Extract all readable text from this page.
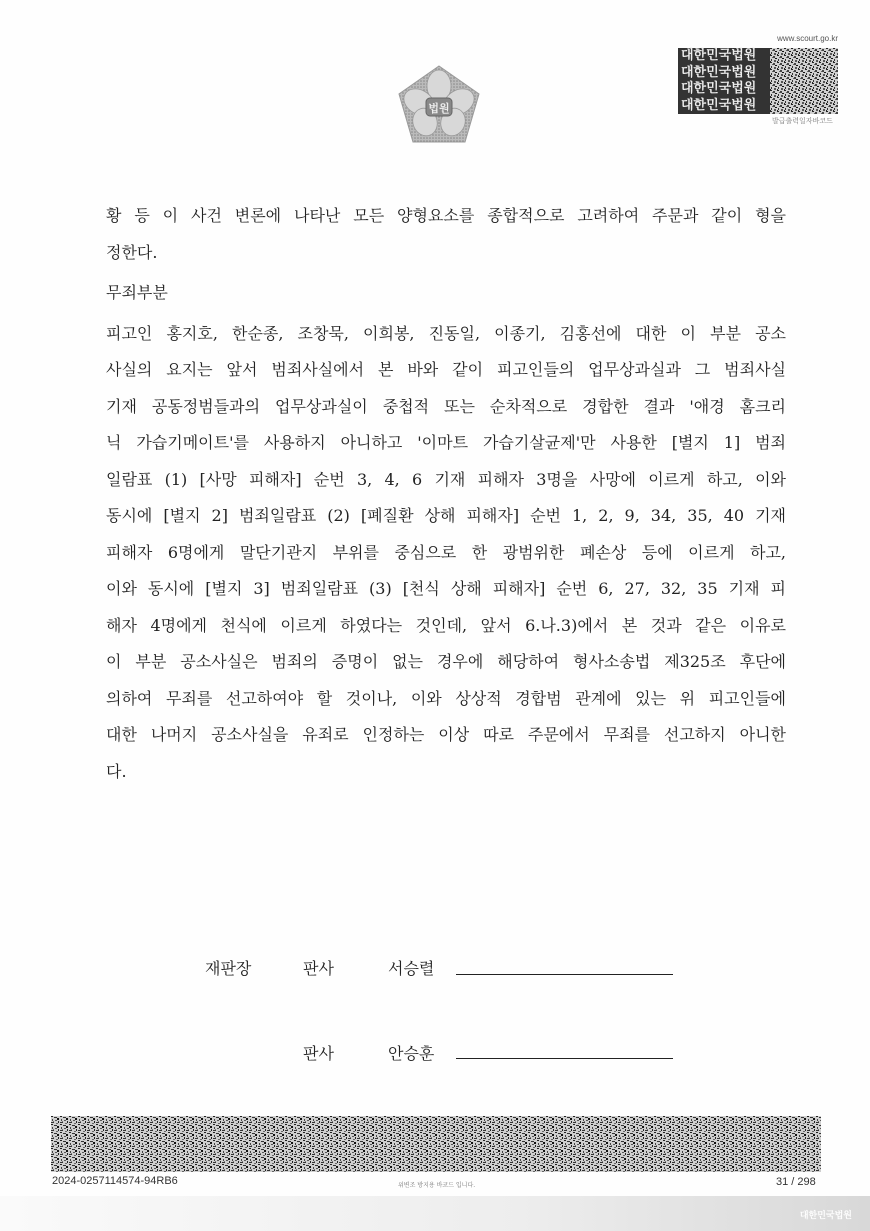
법원
www.scourt.go.kr
대한민국법원
대한민국법원
대한민국법원
대한민국법원
발급출력일자바코드
황 등 이 사건 변론에 나타난 모든 양형요소를 종합적으로 고려하여 주문과 같이 형을
정한다.
무죄부분
피고인 홍지호, 한순종, 조창묵, 이희봉, 진동일, 이종기, 김홍선에 대한 이 부분 공소
사실의 요지는 앞서 범죄사실에서 본 바와 같이 피고인들의 업무상과실과 그 범죄사실
기재 공동정범들과의 업무상과실이 중첩적 또는 순차적으로 경합한 결과 '애경 홈크리
닉 가습기메이트'를 사용하지 아니하고 '이마트 가습기살균제'만 사용한 [별지 1] 범죄
일람표 (1) [사망 피해자] 순번 3, 4, 6 기재 피해자 3명을 사망에 이르게 하고, 이와
동시에 [별지 2] 범죄일람표 (2) [폐질환 상해 피해자] 순번 1, 2, 9, 34, 35, 40 기재
피해자 6명에게 말단기관지 부위를 중심으로 한 광범위한 폐손상 등에 이르게 하고,
이와 동시에 [별지 3] 범죄일람표 (3) [천식 상해 피해자] 순번 6, 27, 32, 35 기재 피
해자 4명에게 천식에 이르게 하였다는 것인데, 앞서 6.나.3)에서 본 것과 같은 이유로
이 부분 공소사실은 범죄의 증명이 없는 경우에 해당하여 형사소송법 제325조 후단에
의하여 무죄를 선고하여야 할 것이나, 이와 상상적 경합범 관계에 있는 위 피고인들에
대한 나머지 공소사실을 유죄로 인정하는 이상 따로 주문에서 무죄를 선고하지 아니한
다.
재판장	판사	서승렬
판사	안승훈
2024-0257114574-94RB6	위변조 방지용 바코드 입니다.	31 / 298
대한민국법원
